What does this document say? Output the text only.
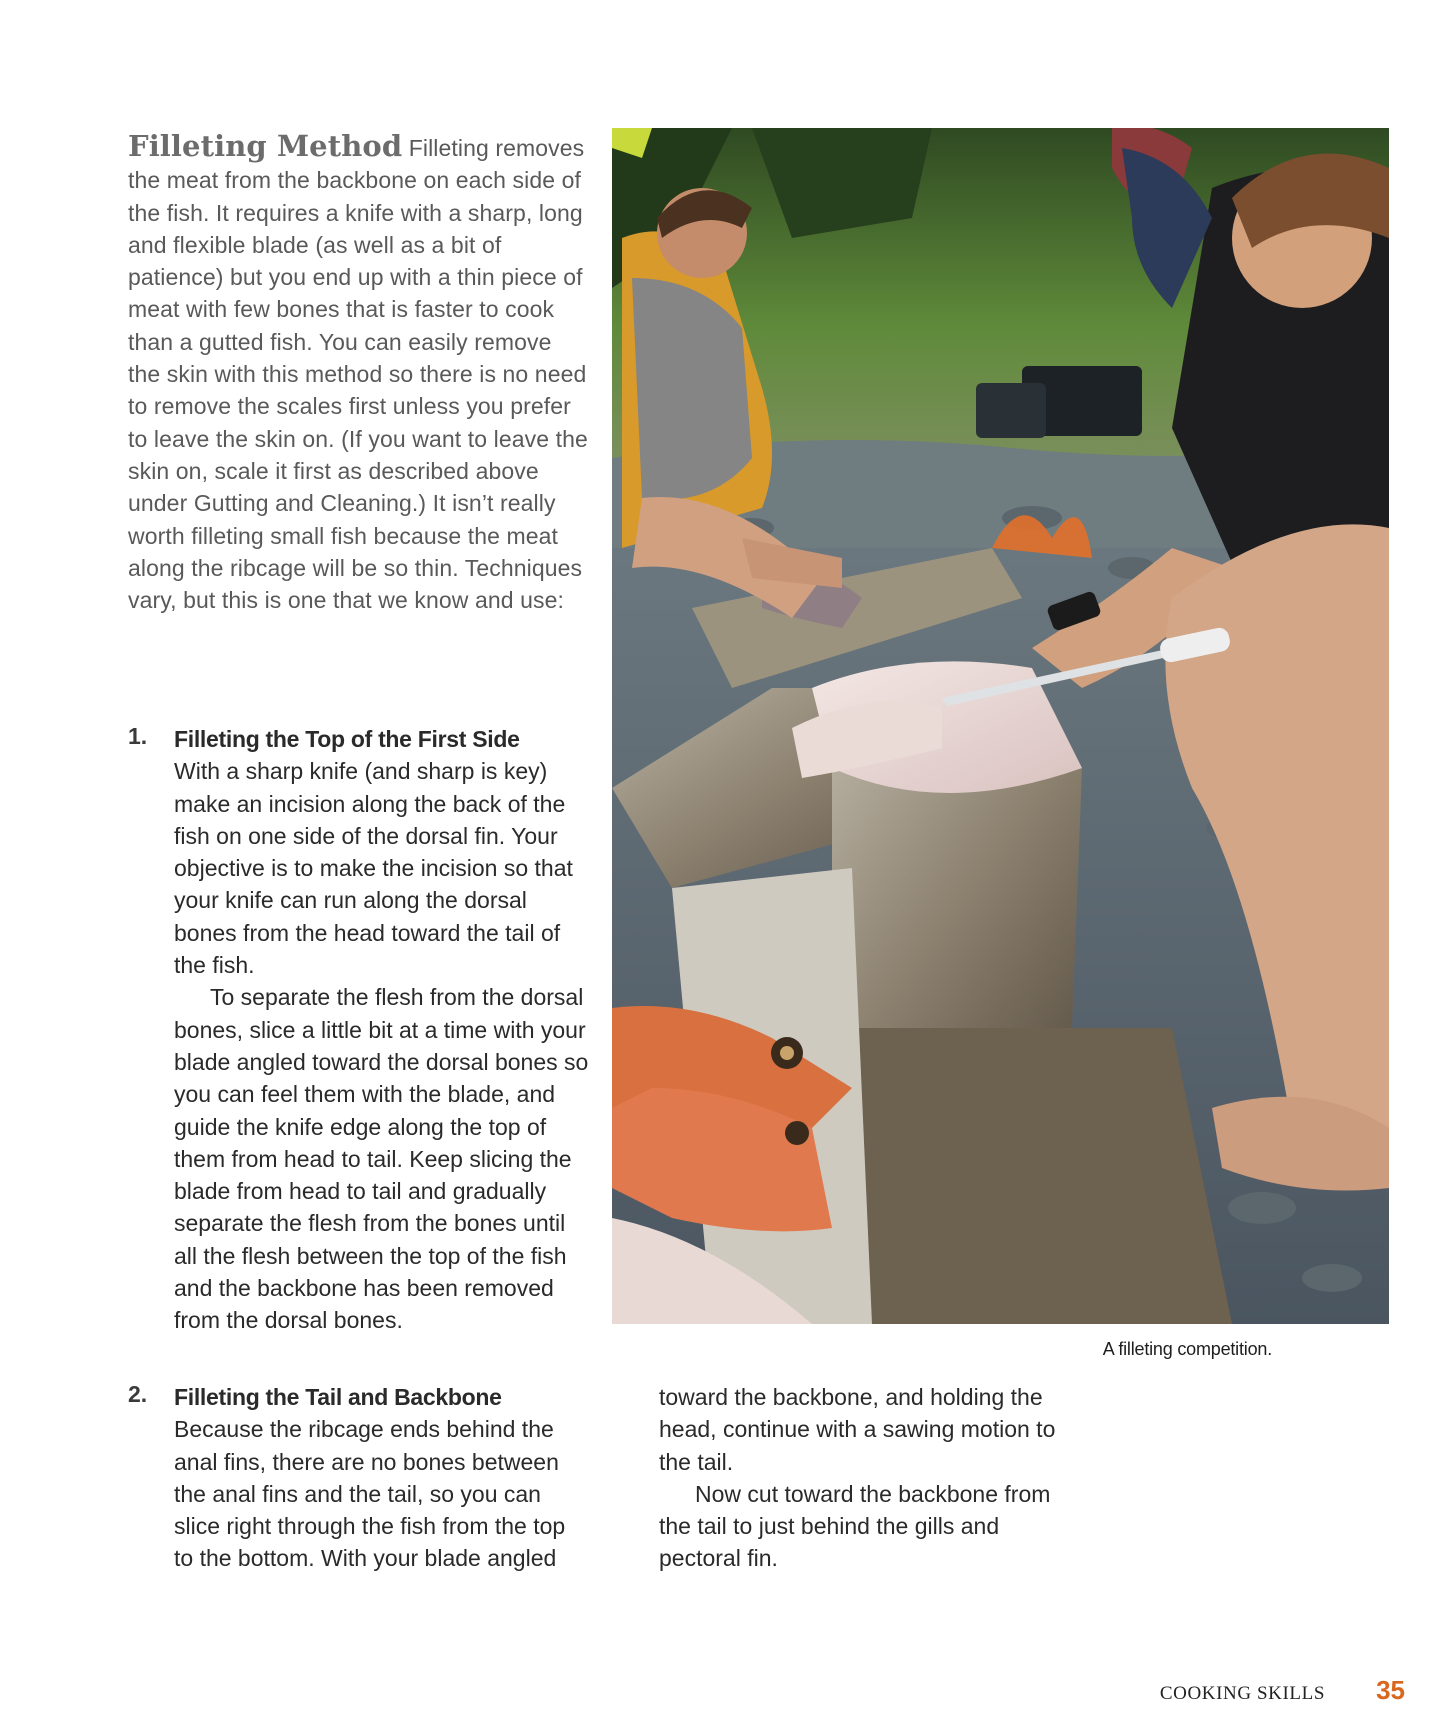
Filleting Method Filleting removes the meat from the backbone on each side of the fish. It requires a knife with a sharp, long and flexible blade (as well as a bit of patience) but you end up with a thin piece of meat with few bones that is faster to cook than a gutted fish. You can easily remove the skin with this method so there is no need to remove the scales first unless you prefer to leave the skin on. (If you want to leave the skin on, scale it first as described above under Gutting and Cleaning.) It isn’t really worth filleting small fish because the meat along the ribcage will be so thin. Techniques vary, but this is one that we know and use:
1. Filleting the Top of the First Side

With a sharp knife (and sharp is key) make an incision along the back of the fish on one side of the dorsal fin. Your objective is to make the incision so that your knife can run along the dorsal bones from the head toward the tail of the fish.

To separate the flesh from the dorsal bones, slice a little bit at a time with your blade angled toward the dorsal bones so you can feel them with the blade, and guide the knife edge along the top of them from head to tail. Keep slicing the blade from head to tail and gradually separate the flesh from the bones until all the flesh between the top of the fish and the backbone has been removed from the dorsal bones.

2. Filleting the Tail and Backbone

Because the ribcage ends behind the anal fins, there are no bones between the anal fins and the tail, so you can slice right through the fish from the top to the bottom. With your blade angled

toward the backbone, and holding the head, continue with a sawing motion to the tail.

Now cut toward the backbone from the tail to just behind the gills and pectoral fin.

A filleting competition.
COOKING SKILLS 35
